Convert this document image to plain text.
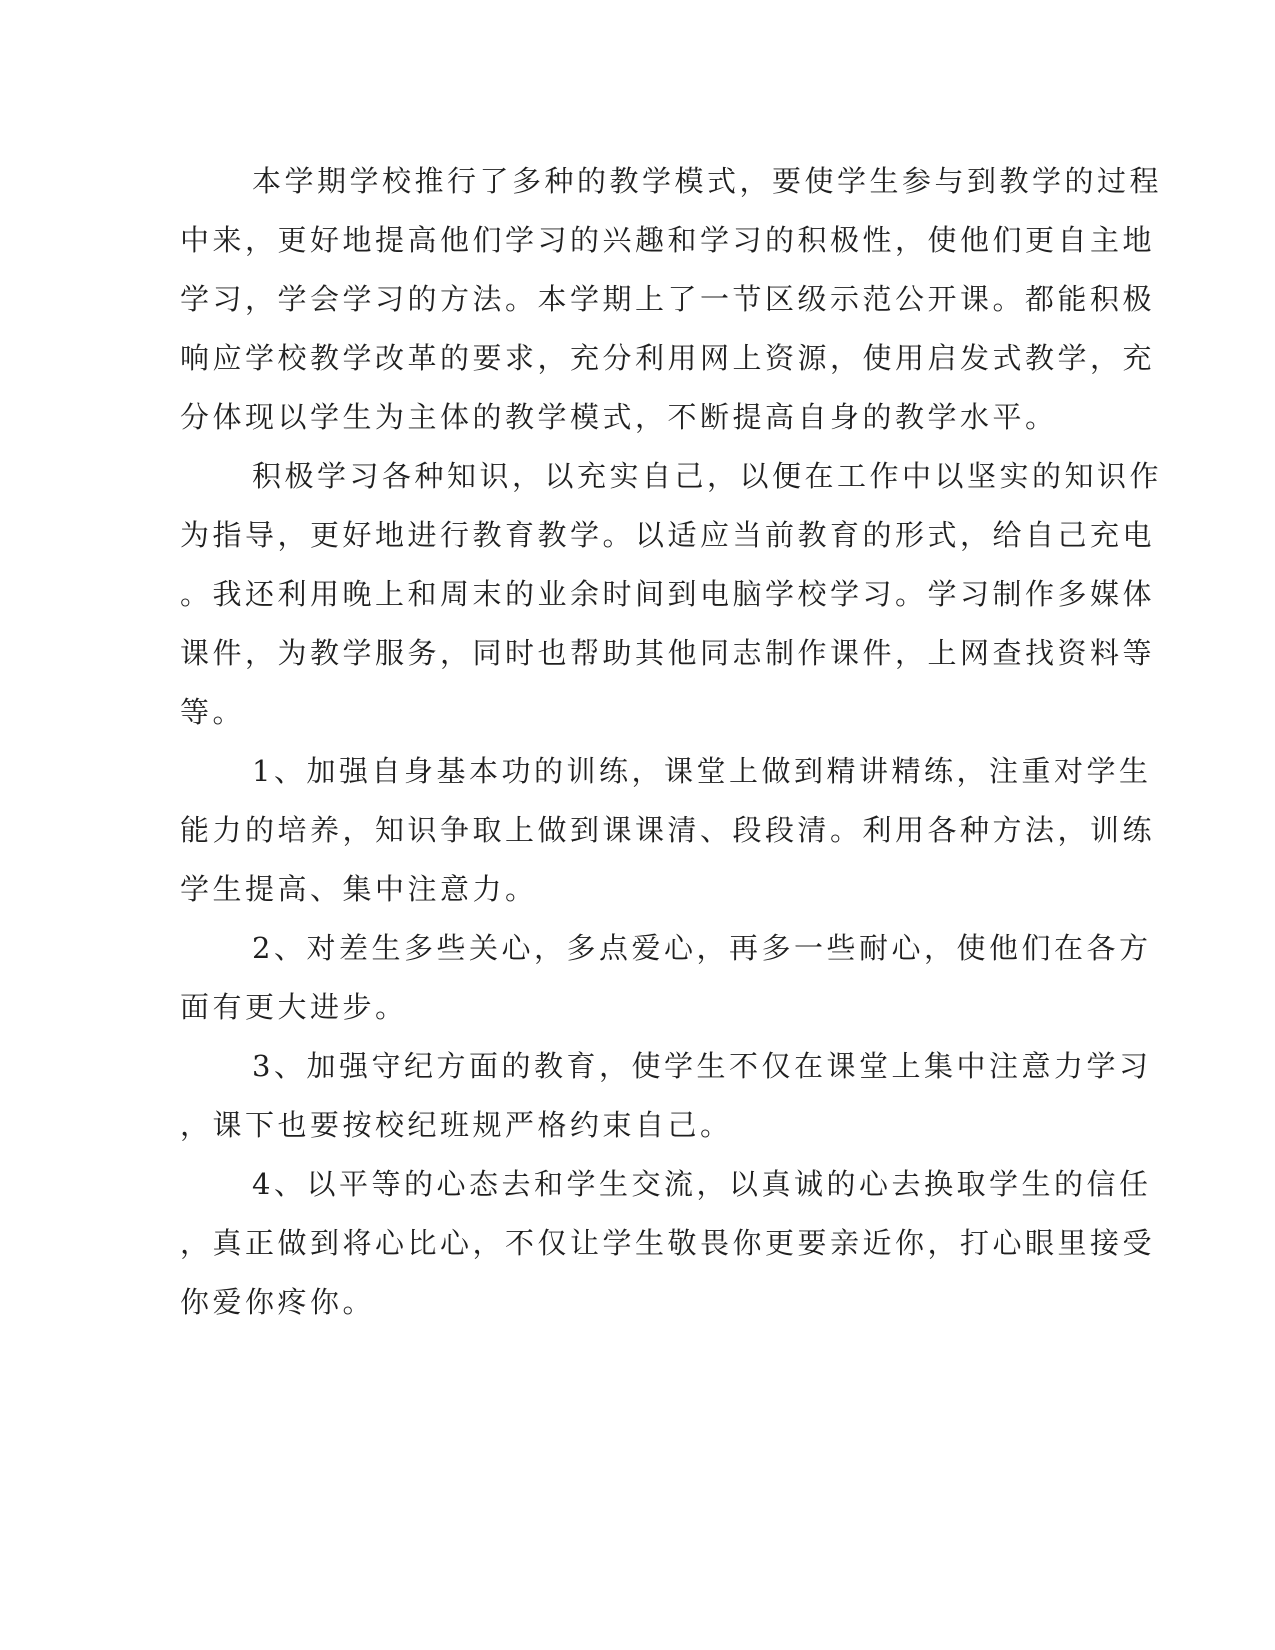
本学期学校推行了多种的教学模式，要使学生参与到教学的过程
中来，更好地提高他们学习的兴趣和学习的积极性，使他们更自主地
学习，学会学习的方法。本学期上了一节区级示范公开课。都能积极
响应学校教学改革的要求，充分利用网上资源，使用启发式教学，充
分体现以学生为主体的教学模式，不断提高自身的教学水平。
积极学习各种知识，以充实自己，以便在工作中以坚实的知识作
为指导，更好地进行教育教学。以适应当前教育的形式，给自己充电
。我还利用晚上和周末的业余时间到电脑学校学习。学习制作多媒体
课件，为教学服务，同时也帮助其他同志制作课件，上网查找资料等
等。
1、加强自身基本功的训练，课堂上做到精讲精练，注重对学生
能力的培养，知识争取上做到课课清、段段清。利用各种方法，训练
学生提高、集中注意力。
2、对差生多些关心，多点爱心，再多一些耐心，使他们在各方
面有更大进步。
3、加强守纪方面的教育，使学生不仅在课堂上集中注意力学习
，课下也要按校纪班规严格约束自己。
4、以平等的心态去和学生交流，以真诚的心去换取学生的信任
，真正做到将心比心，不仅让学生敬畏你更要亲近你，打心眼里接受
你爱你疼你。
